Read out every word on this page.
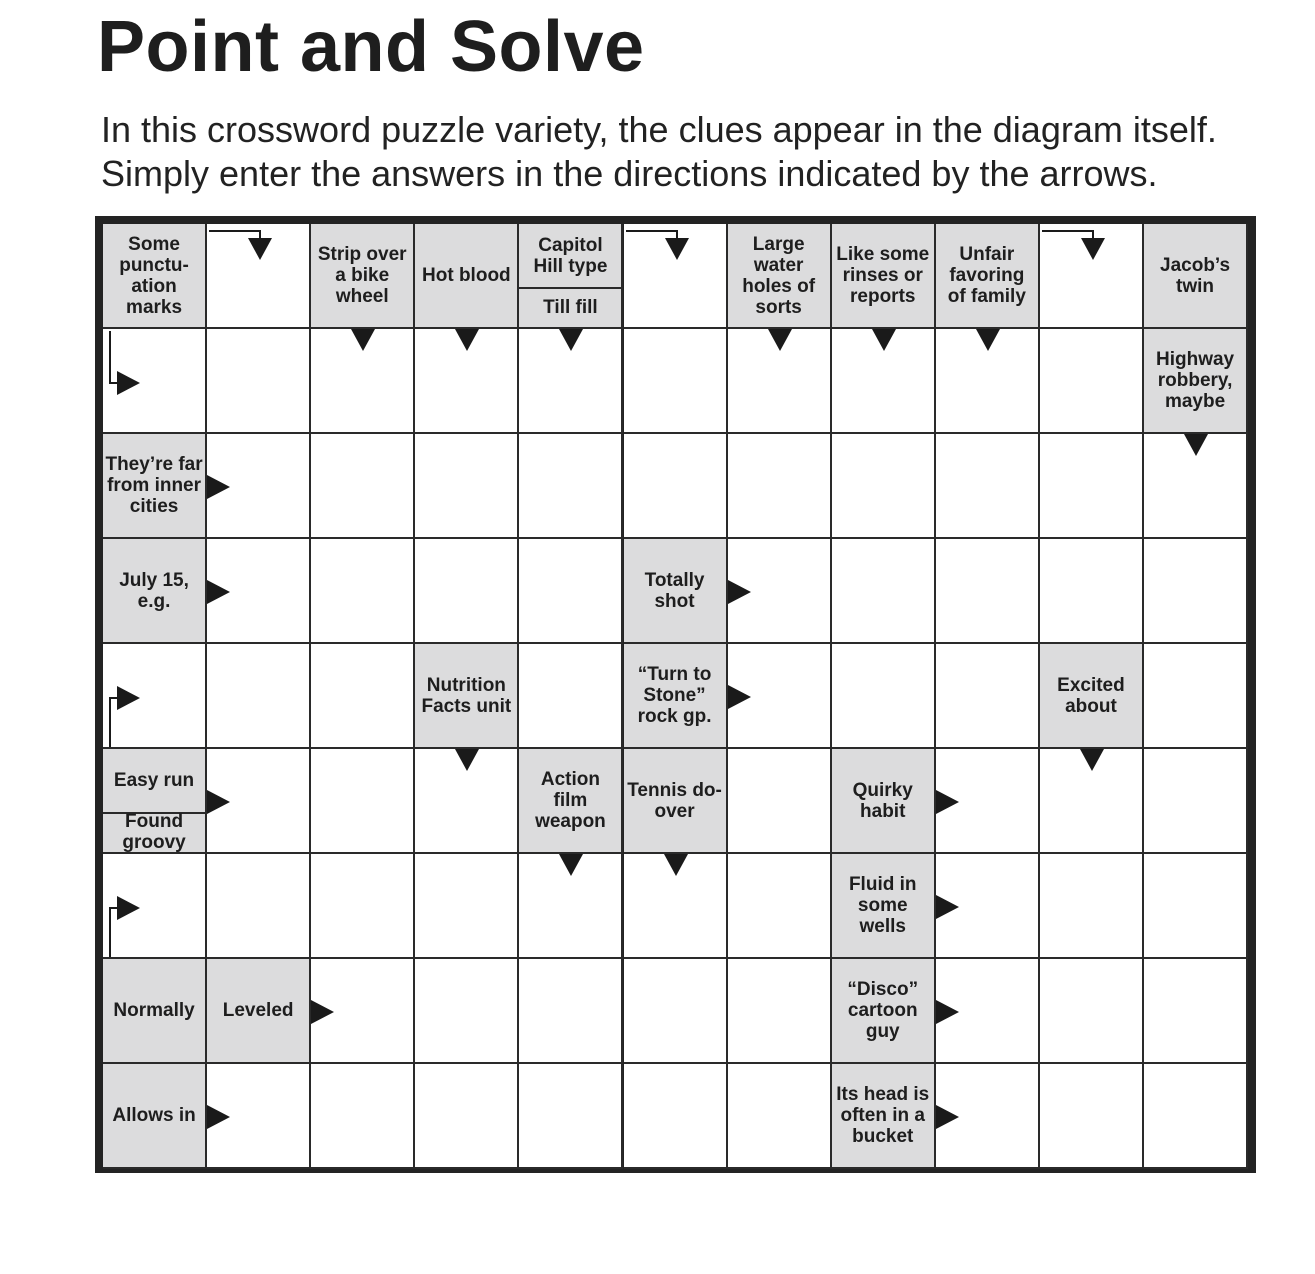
Point and Solve
In this crossword puzzle variety, the clues appear in the diagram itself.
Simply enter the answers in the directions indicated by the arrows.
Some punctu- ation marks
Strip over a bike wheel
Hot blood
Capitol Hill type
Till fill
Large water holes of sorts
Like some rinses or reports
Unfair favoring of family
Jacob’s twin
Highway robbery, maybe
They’re far from inner cities
July 15, e.g.
Totally shot
Nutrition Facts unit
“Turn to Stone” rock gp.
Excited about
Easy run
Found groovy
Action film weapon
Tennis do-over
Quirky habit
Fluid in some wells
Normally	Leveled
“Disco” cartoon guy
Allows in
Its head is often in a bucket
